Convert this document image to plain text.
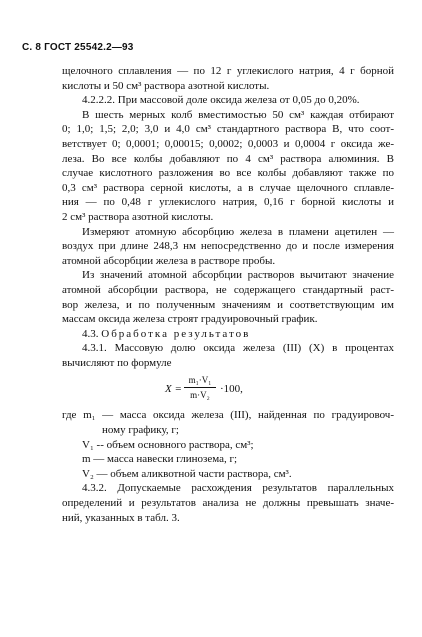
С. 8 ГОСТ 25542.2—93
щелочного сплавления — по 12 г углекислого натрия, 4 г борной
кислоты и 50 см³ раствора азотной кислоты.
4.2.2.2. При массовой доле оксида железа от 0,05 до 0,20%.
В шесть мерных колб вместимостью 50 см³ каждая отбирают
0; 1,0; 1,5; 2,0; 3,0 и 4,0 см³ стандартного раствора В, что соот-
ветствует 0; 0,0001; 0,00015; 0,0002; 0,0003 и 0,0004 г оксида же-
леза. Во все колбы добавляют по 4 см³ раствора алюминия. В
случае кислотного разложения во все колбы добавляют также по
0,3 см³ раствора серной кислоты, а в случае щелочного сплавле-
ния — по 0,48 г углекислого натрия, 0,16 г борной кислоты и
2 см³ раствора азотной кислоты.
Измеряют атомную абсорбцию железа в пламени ацетилен —
воздух при длине 248,3 нм непосредственно до и после измерения
атомной абсорбции железа в растворе пробы.
Из значений атомной абсорбции растворов вычитают значение
атомной абсорбции раствора, не содержащего стандартный раст-
вор железа, и по полученным значениям и соответствующим им
массам оксида железа строят градуировочный график.
4.3. Обработка результатов
4.3.1. Массовую долю оксида железа (III) (X) в процентах
вычисляют по формуле
X =
m₁·V₁
m·V₂ ·100,
где m₁ — масса оксида железа (III), найденная по градуировоч-
ному графику, г;
V₁ -- объем основного раствора, см³;
m — масса навески глинозема, г;
V₂ — объем аликвотной части раствора, см³.
4.3.2. Допускаемые расхождения результатов параллельных
определений и результатов анализа не должны превышать значе-
ний, указанных в табл. 3.
